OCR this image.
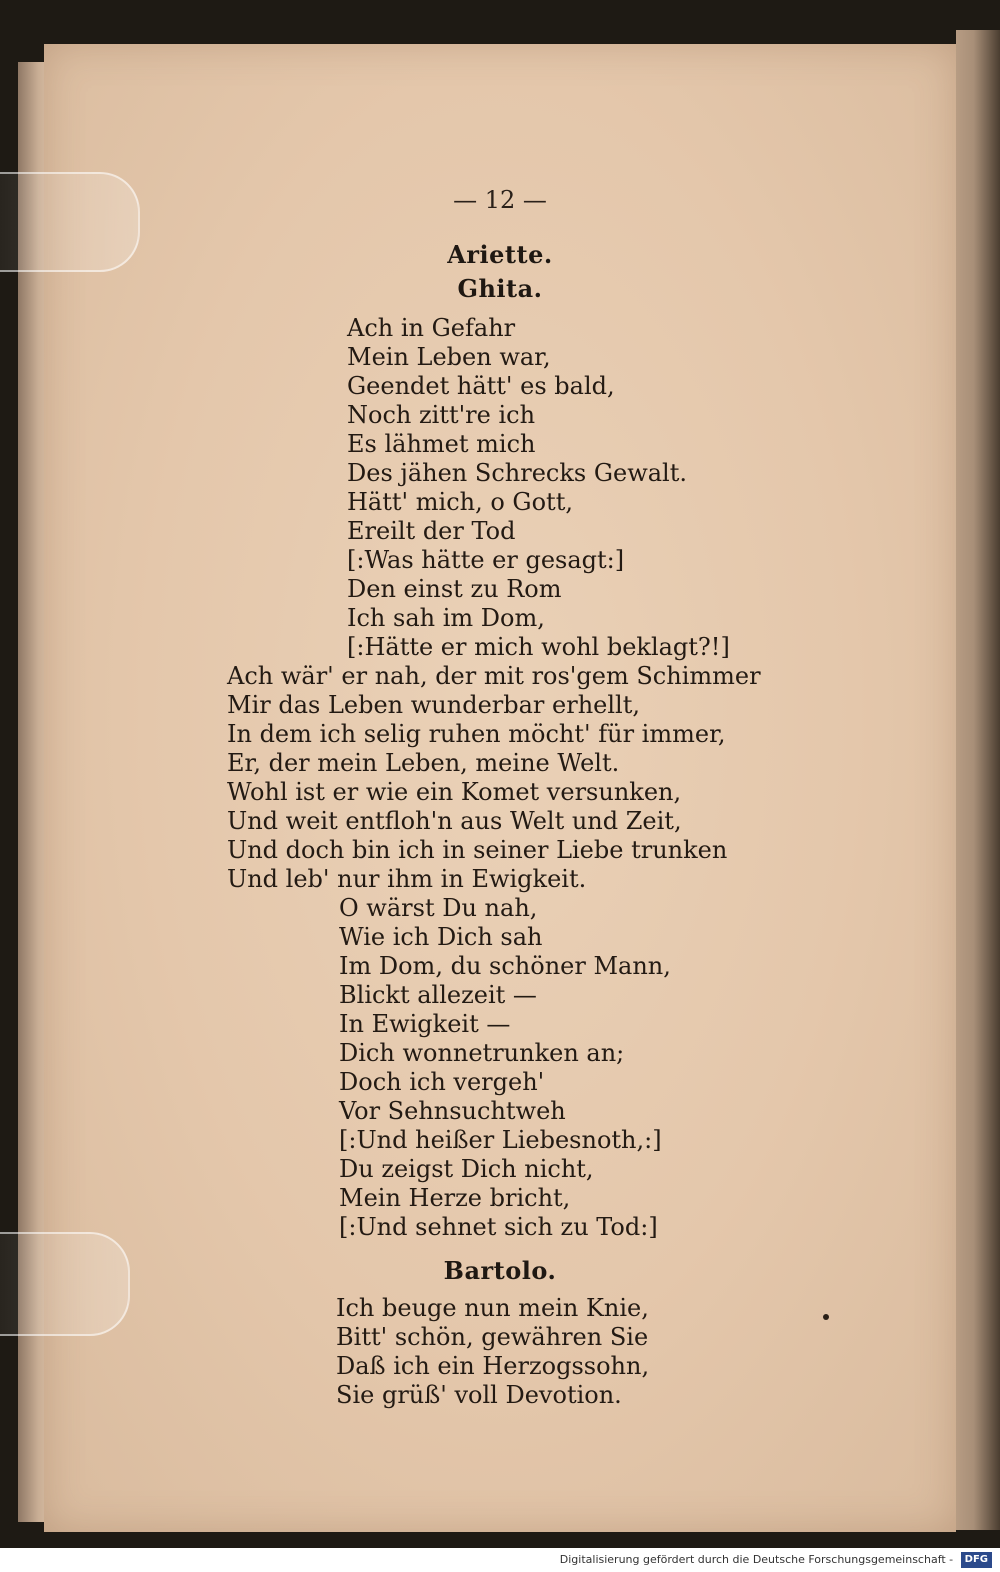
— 12 —
Ariette.
Ghita.
Ach in Gefahr
Mein Leben war,
Geendet hätt' es bald,
Noch zitt're ich
Es lähmet mich
Des jähen Schrecks Gewalt.
Hätt' mich, o Gott,
Ereilt der Tod
[:Was hätte er gesagt:]
Den einst zu Rom
Ich sah im Dom,
[:Hätte er mich wohl beklagt?!]
Ach wär' er nah, der mit ros'gem Schimmer
Mir das Leben wunderbar erhellt,
In dem ich selig ruhen möcht' für immer,
Er, der mein Leben, meine Welt.
Wohl ist er wie ein Komet versunken,
Und weit entfloh'n aus Welt und Zeit,
Und doch bin ich in seiner Liebe trunken
Und leb' nur ihm in Ewigkeit.
O wärst Du nah,
Wie ich Dich sah
Im Dom, du schöner Mann,
Blickt allezeit —
In Ewigkeit —
Dich wonnetrunken an;
Doch ich vergeh'
Vor Sehnsuchtweh
[:Und heißer Liebesnoth,:]
Du zeigst Dich nicht,
Mein Herze bricht,
[:Und sehnet sich zu Tod:]
Bartolo.
Ich beuge nun mein Knie,
Bitt' schön, gewähren Sie
Daß ich ein Herzogssohn,
Sie grüß' voll Devotion.
Digitalisierung gefördert durch die Deutsche Forschungsgemeinschaft - DFG
